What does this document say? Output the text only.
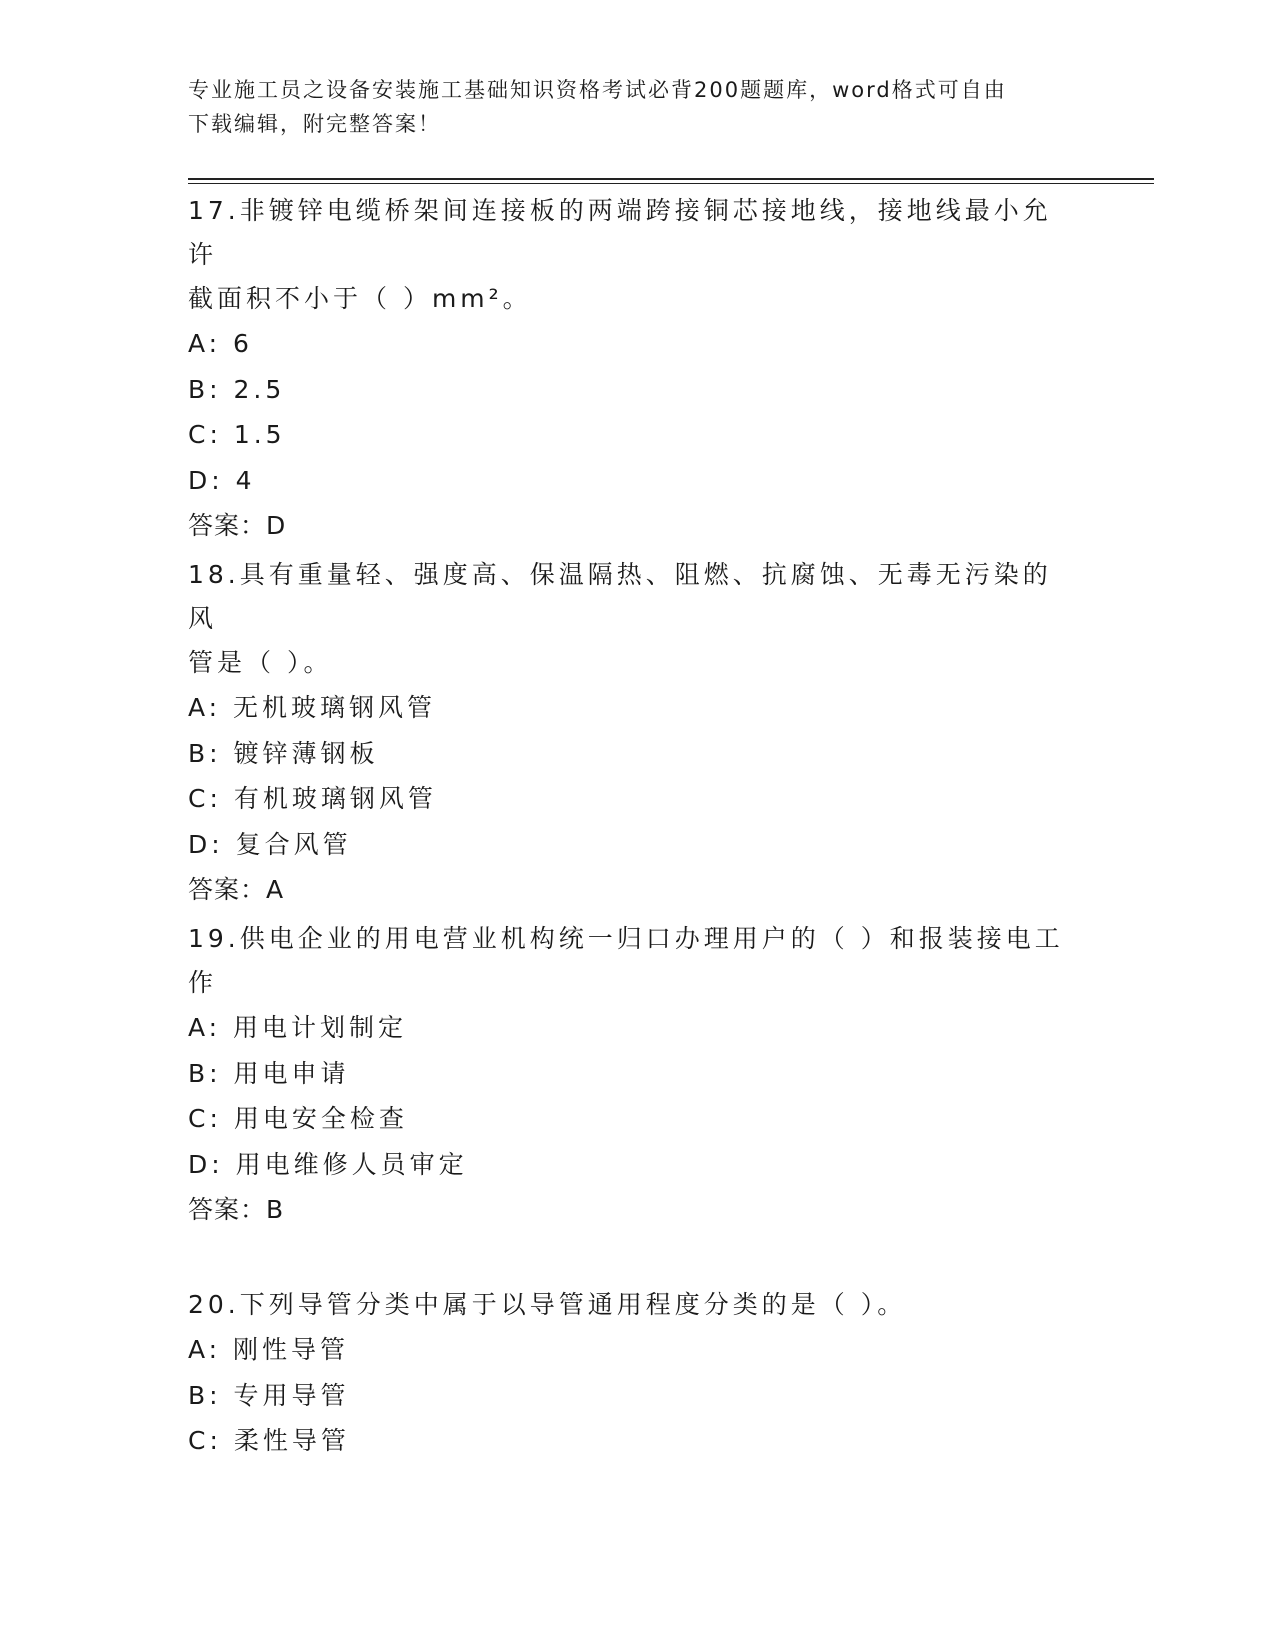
专业施工员之设备安装施工基础知识资格考试必背200题题库，word格式可自由
下载编辑，附完整答案！

17.非镀锌电缆桥架间连接板的两端跨接铜芯接地线，接地线最小允许

截面积不小于（ ）mm²。

A: 6

B: 2.5

C: 1.5

D: 4

答案：D

18.具有重量轻、强度高、保温隔热、阻燃、抗腐蚀、无毒无污染的风

管是（ ）。

A: 无机玻璃钢风管

B: 镀锌薄钢板

C: 有机玻璃钢风管

D: 复合风管

答案：A

19.供电企业的用电营业机构统一归口办理用户的（ ）和报装接电工

作

A: 用电计划制定

B: 用电申请

C: 用电安全检查

D: 用电维修人员审定

答案：B

20.下列导管分类中属于以导管通用程度分类的是（ ）。

A: 刚性导管

B: 专用导管

C: 柔性导管
